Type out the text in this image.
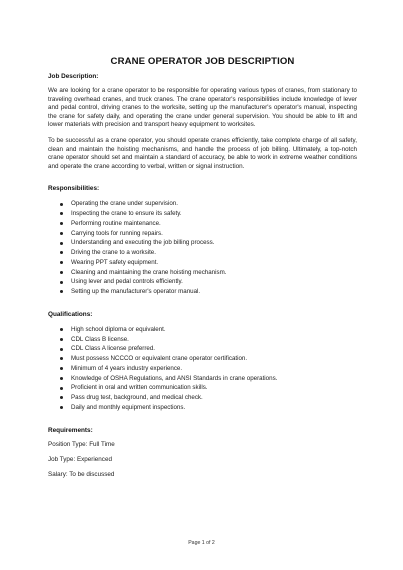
CRANE OPERATOR JOB DESCRIPTION
Job Description:

We are looking for a crane operator to be responsible for operating various types of cranes, from stationary to traveling overhead cranes, and truck cranes. The crane operator's responsibilities include knowledge of lever and pedal control, driving cranes to the worksite, setting up the manufacturer's operator's manual, inspecting the crane for safety daily, and operating the crane under general supervision. You should be able to lift and lower materials with precision and transport heavy equipment to worksites.

To be successful as a crane operator, you should operate cranes efficiently, take complete charge of all safety, clean and maintain the hoisting mechanisms, and handle the process of job billing. Ultimately, a top-notch crane operator should set and maintain a standard of accuracy, be able to work in extreme weather conditions and operate the crane according to verbal, written or signal instruction.

Responsibilities:
Operating the crane under supervision.
Inspecting the crane to ensure its safety.
Performing routine maintenance.
Carrying tools for running repairs.
Understanding and executing the job billing process.
Driving the crane to a worksite.
Wearing PPT safety equipment.
Cleaning and maintaining the crane hoisting mechanism.
Using lever and pedal controls efficiently.
Setting up the manufacturer's operator manual.
Qualifications:
High school diploma or equivalent.
CDL Class B license.
CDL Class A license preferred.
Must possess NCCCO or equivalent crane operator certification.
Minimum of 4 years industry experience.
Knowledge of OSHA Regulations, and ANSI Standards in crane operations.
Proficient in oral and written communication skills.
Pass drug test, background, and medical check.
Daily and monthly equipment inspections.
Requirements:

Position Type: Full Time

Job Type: Experienced

Salary: To be discussed

Page 1 of 2
